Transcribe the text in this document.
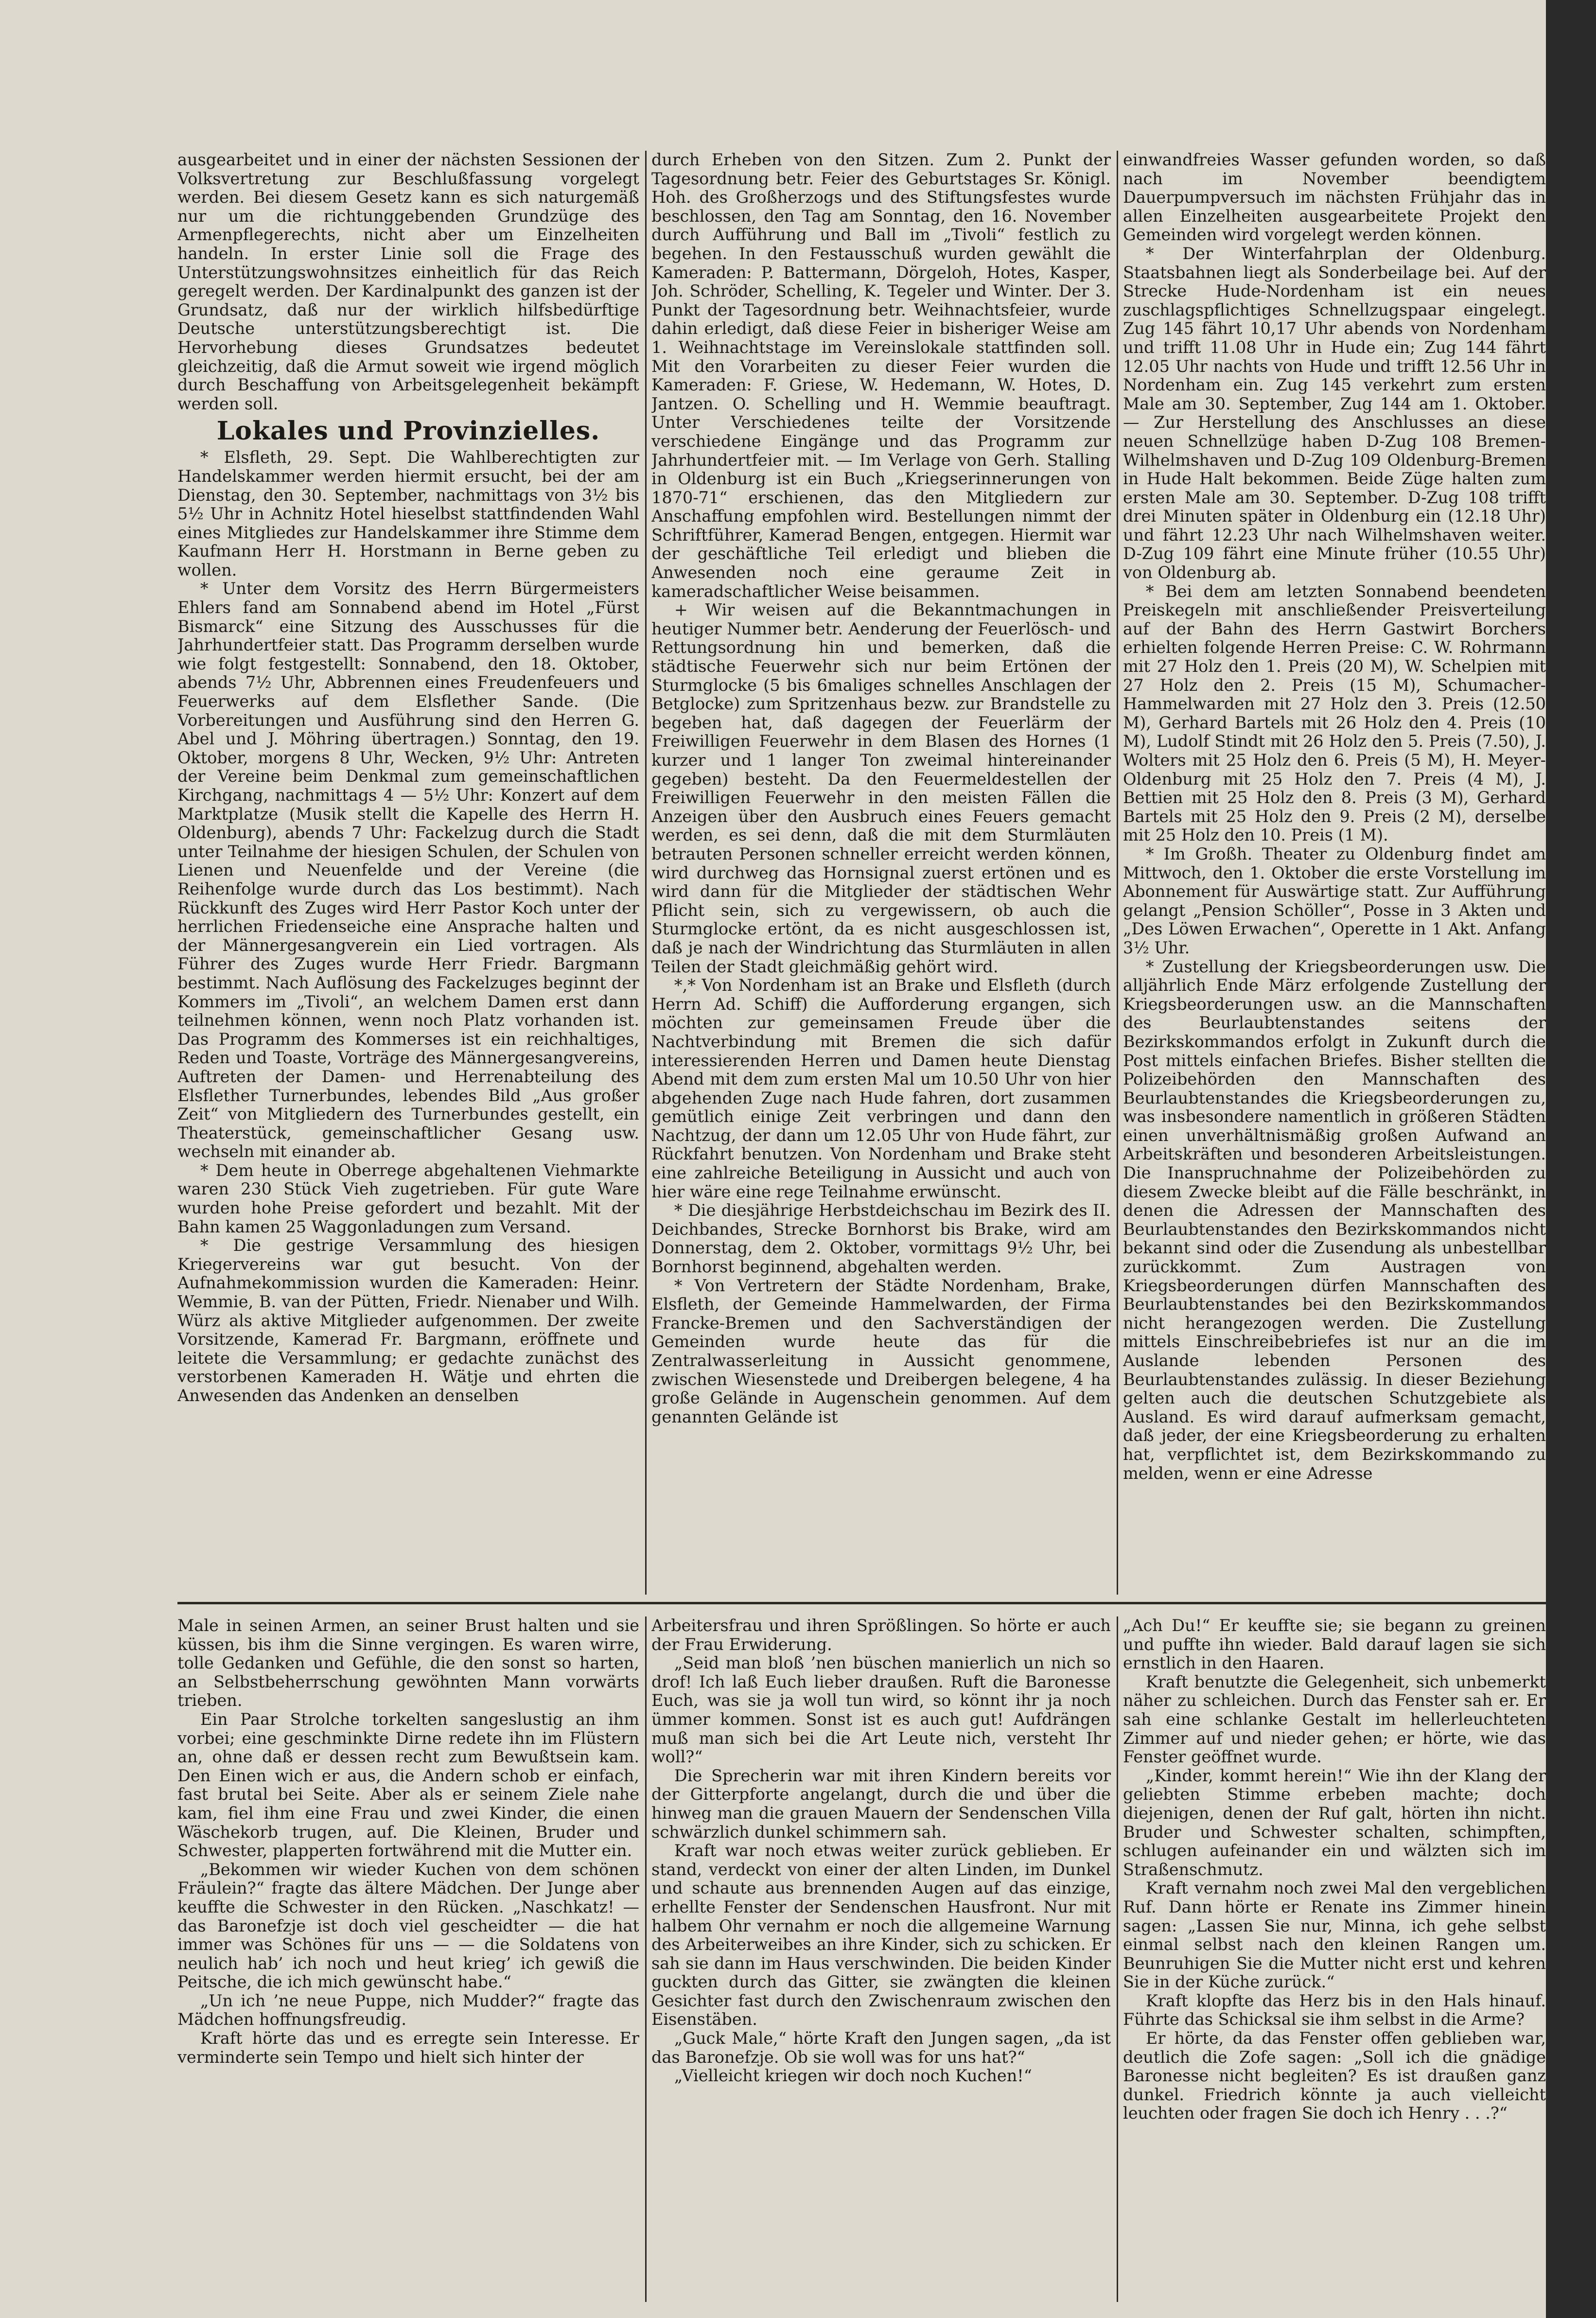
ausgearbeitet und in einer der nächsten Sessionen der Volksvertretung zur Beschlußfassung vorgelegt werden. Bei diesem Gesetz kann es sich naturgemäß nur um die richtunggebenden Grundzüge des Armenpflegerechts, nicht aber um Einzelheiten handeln. In erster Linie soll die Frage des Unterstützungswohnsitzes einheitlich für das Reich geregelt werden. Der Kardinalpunkt des ganzen ist der Grundsatz, daß nur der wirklich hilfsbedürftige Deutsche unterstützungsberechtigt ist. Die Hervorhebung dieses Grundsatzes bedeutet gleichzeitig, daß die Armut soweit wie irgend möglich durch Beschaffung von Arbeitsgelegenheit bekämpft werden soll.

Lokales und Provinzielles.

* Elsfleth, 29. Sept. Die Wahlberechtigten zur Handelskammer werden hiermit ersucht, bei der am Dienstag, den 30. September, nachmittags von 3½ bis 5½ Uhr in Achnitz Hotel hieselbst stattfindenden Wahl eines Mitgliedes zur Handelskammer ihre Stimme dem Kaufmann Herr H. Horstmann in Berne geben zu wollen.

* Unter dem Vorsitz des Herrn Bürgermeisters Ehlers fand am Sonnabend abend im Hotel „Fürst Bismarck“ eine Sitzung des Ausschusses für die Jahrhundertfeier statt. Das Programm derselben wurde wie folgt festgestellt: Sonnabend, den 18. Oktober, abends 7½ Uhr, Abbrennen eines Freudenfeuers und Feuerwerks auf dem Elsflether Sande. (Die Vorbereitungen und Ausführung sind den Herren G. Abel und J. Möhring übertragen.) Sonntag, den 19. Oktober, morgens 8 Uhr, Wecken, 9½ Uhr: Antreten der Vereine beim Denkmal zum gemeinschaftlichen Kirchgang, nachmittags 4 — 5½ Uhr: Konzert auf dem Marktplatze (Musik stellt die Kapelle des Herrn H. Oldenburg), abends 7 Uhr: Fackelzug durch die Stadt unter Teilnahme der hiesigen Schulen, der Schulen von Lienen und Neuenfelde und der Vereine (die Reihenfolge wurde durch das Los bestimmt). Nach Rückkunft des Zuges wird Herr Pastor Koch unter der herrlichen Friedenseiche eine Ansprache halten und der Männergesangverein ein Lied vortragen. Als Führer des Zuges wurde Herr Friedr. Bargmann bestimmt. Nach Auflösung des Fackelzuges beginnt der Kommers im „Tivoli“, an welchem Damen erst dann teilnehmen können, wenn noch Platz vorhanden ist. Das Programm des Kommerses ist ein reichhaltiges, Reden und Toaste, Vorträge des Männergesangvereins, Auftreten der Damen- und Herrenabteilung des Elsflether Turnerbundes, lebendes Bild „Aus großer Zeit“ von Mitgliedern des Turnerbundes gestellt, ein Theaterstück, gemeinschaftlicher Gesang usw. wechseln mit einander ab.

* Dem heute in Oberrege abgehaltenen Viehmarkte waren 230 Stück Vieh zugetrieben. Für gute Ware wurden hohe Preise gefordert und bezahlt. Mit der Bahn kamen 25 Waggonladungen zum Versand.

* Die gestrige Versammlung des hiesigen Kriegervereins war gut besucht. Von der Aufnahmekommission wurden die Kameraden: Heinr. Wemmie, B. van der Pütten, Friedr. Nienaber und Wilh. Würz als aktive Mitglieder aufgenommen. Der zweite Vorsitzende, Kamerad Fr. Bargmann, eröffnete und leitete die Versammlung; er gedachte zunächst des verstorbenen Kameraden H. Wätje und ehrten die Anwesenden das Andenken an denselben

durch Erheben von den Sitzen. Zum 2. Punkt der Tagesordnung betr. Feier des Geburtstages Sr. Königl. Hoh. des Großherzogs und des Stiftungsfestes wurde beschlossen, den Tag am Sonntag, den 16. November durch Aufführung und Ball im „Tivoli“ festlich zu begehen. In den Festausschuß wurden gewählt die Kameraden: P. Battermann, Dörgeloh, Hotes, Kasper, Joh. Schröder, Schelling, K. Tegeler und Winter. Der 3. Punkt der Tagesordnung betr. Weihnachtsfeier, wurde dahin erledigt, daß diese Feier in bisheriger Weise am 1. Weihnachtstage im Vereinslokale stattfinden soll. Mit den Vorarbeiten zu dieser Feier wurden die Kameraden: F. Griese, W. Hedemann, W. Hotes, D. Jantzen. O. Schelling und H. Wemmie beauftragt. Unter Verschiedenes teilte der Vorsitzende verschiedene Eingänge und das Programm zur Jahrhundertfeier mit. — Im Verlage von Gerh. Stalling in Oldenburg ist ein Buch „Kriegserinnerungen von 1870-71“ erschienen, das den Mitgliedern zur Anschaffung empfohlen wird. Bestellungen nimmt der Schriftführer, Kamerad Bengen, entgegen. Hiermit war der geschäftliche Teil erledigt und blieben die Anwesenden noch eine geraume Zeit in kameradschaftlicher Weise beisammen.

+ Wir weisen auf die Bekanntmachungen in heutiger Nummer betr. Aenderung der Feuerlösch- und Rettungsordnung hin und bemerken, daß die städtische Feuerwehr sich nur beim Ertönen der Sturmglocke (5 bis 6maliges schnelles Anschlagen der Betglocke) zum Spritzenhaus bezw. zur Brandstelle zu begeben hat, daß dagegen der Feuerlärm der Freiwilligen Feuerwehr in dem Blasen des Hornes (1 kurzer und 1 langer Ton zweimal hintereinander gegeben) besteht. Da den Feuermeldestellen der Freiwilligen Feuerwehr in den meisten Fällen die Anzeigen über den Ausbruch eines Feuers gemacht werden, es sei denn, daß die mit dem Sturmläuten betrauten Personen schneller erreicht werden können, wird durchweg das Hornsignal zuerst ertönen und es wird dann für die Mitglieder der städtischen Wehr Pflicht sein, sich zu vergewissern, ob auch die Sturmglocke ertönt, da es nicht ausgeschlossen ist, daß je nach der Windrichtung das Sturmläuten in allen Teilen der Stadt gleichmäßig gehört wird.

*,* Von Nordenham ist an Brake und Elsfleth (durch Herrn Ad. Schiff) die Aufforderung ergangen, sich möchten zur gemeinsamen Freude über die Nachtverbindung mit Bremen die sich dafür interessierenden Herren und Damen heute Dienstag Abend mit dem zum ersten Mal um 10.50 Uhr von hier abgehenden Zuge nach Hude fahren, dort zusammen gemütlich einige Zeit verbringen und dann den Nachtzug, der dann um 12.05 Uhr von Hude fährt, zur Rückfahrt benutzen. Von Nordenham und Brake steht eine zahlreiche Beteiligung in Aussicht und auch von hier wäre eine rege Teilnahme erwünscht.

* Die diesjährige Herbstdeichschau im Bezirk des II. Deichbandes, Strecke Bornhorst bis Brake, wird am Donnerstag, dem 2. Oktober, vormittags 9½ Uhr, bei Bornhorst beginnend, abgehalten werden.

* Von Vertretern der Städte Nordenham, Brake, Elsfleth, der Gemeinde Hammelwarden, der Firma Francke-Bremen und den Sachverständigen der Gemeinden wurde heute das für die Zentralwasserleitung in Aussicht genommene, zwischen Wiesenstede und Dreibergen belegene, 4 ha große Gelände in Augenschein genommen. Auf dem genannten Gelände ist

einwandfreies Wasser gefunden worden, so daß nach im November beendigtem Dauerpumpversuch im nächsten Frühjahr das in allen Einzelheiten ausgearbeitete Projekt den Gemeinden wird vorgelegt werden können.

* Der Winterfahrplan der Oldenburg. Staatsbahnen liegt als Sonderbeilage bei. Auf der Strecke Hude-Nordenham ist ein neues zuschlagspflichtiges Schnellzugspaar eingelegt. Zug 145 fährt 10,17 Uhr abends von Nordenham und trifft 11.08 Uhr in Hude ein; Zug 144 fährt 12.05 Uhr nachts von Hude und trifft 12.56 Uhr in Nordenham ein. Zug 145 verkehrt zum ersten Male am 30. September, Zug 144 am 1. Oktober. — Zur Herstellung des Anschlusses an diese neuen Schnellzüge haben D-Zug 108 Bremen-Wilhelmshaven und D-Zug 109 Oldenburg-Bremen in Hude Halt bekommen. Beide Züge halten zum ersten Male am 30. September. D-Zug 108 trifft drei Minuten später in Oldenburg ein (12.18 Uhr) und fährt 12.23 Uhr nach Wilhelmshaven weiter. D-Zug 109 fährt eine Minute früher (10.55 Uhr) von Oldenburg ab.

* Bei dem am letzten Sonnabend beendeten Preiskegeln mit anschließender Preisverteilung auf der Bahn des Herrn Gastwirt Borchers erhielten folgende Herren Preise: C. W. Rohrmann mit 27 Holz den 1. Preis (20 M), W. Schelpien mit 27 Holz den 2. Preis (15 M), Schumacher-Hammelwarden mit 27 Holz den 3. Preis (12.50 M), Gerhard Bartels mit 26 Holz den 4. Preis (10 M), Ludolf Stindt mit 26 Holz den 5. Preis (7.50), J. Wolters mit 25 Holz den 6. Preis (5 M), H. Meyer-Oldenburg mit 25 Holz den 7. Preis (4 M), J. Bettien mit 25 Holz den 8. Preis (3 M), Gerhard Bartels mit 25 Holz den 9. Preis (2 M), derselbe mit 25 Holz den 10. Preis (1 M).

* Im Großh. Theater zu Oldenburg findet am Mittwoch, den 1. Oktober die erste Vorstellung im Abonnement für Auswärtige statt. Zur Aufführung gelangt „Pension Schöller“, Posse in 3 Akten und „Des Löwen Erwachen“, Operette in 1 Akt. Anfang 3½ Uhr.

* Zustellung der Kriegsbeorderungen usw. Die alljährlich Ende März erfolgende Zustellung der Kriegsbeorderungen usw. an die Mannschaften des Beurlaubtenstandes seitens der Bezirkskommandos erfolgt in Zukunft durch die Post mittels einfachen Briefes. Bisher stellten die Polizeibehörden den Mannschaften des Beurlaubtenstandes die Kriegsbeorderungen zu, was insbesondere namentlich in größeren Städten einen unverhältnismäßig großen Aufwand an Arbeitskräften und besonderen Arbeitsleistungen. Die Inanspruchnahme der Polizeibehörden zu diesem Zwecke bleibt auf die Fälle beschränkt, in denen die Adressen der Mannschaften des Beurlaubtenstandes den Bezirkskommandos nicht bekannt sind oder die Zusendung als unbestellbar zurückkommt. Zum Austragen von Kriegsbeorderungen dürfen Mannschaften des Beurlaubtenstandes bei den Bezirkskommandos nicht herangezogen werden. Die Zustellung mittels Einschreibebriefes ist nur an die im Auslande lebenden Personen des Beurlaubtenstandes zulässig. In dieser Beziehung gelten auch die deutschen Schutzgebiete als Ausland. Es wird darauf aufmerksam gemacht, daß jeder, der eine Kriegsbeorderung zu erhalten hat, verpflichtet ist, dem Bezirkskommando zu melden, wenn er eine Adresse

Male in seinen Armen, an seiner Brust halten und sie küssen, bis ihm die Sinne vergingen. Es waren wirre, tolle Gedanken und Gefühle, die den sonst so harten, an Selbstbeherrschung gewöhnten Mann vorwärts trieben.

Ein Paar Strolche torkelten sangeslustig an ihm vorbei; eine geschminkte Dirne redete ihn im Flüstern an, ohne daß er dessen recht zum Bewußtsein kam. Den Einen wich er aus, die Andern schob er einfach, fast brutal bei Seite. Aber als er seinem Ziele nahe kam, fiel ihm eine Frau und zwei Kinder, die einen Wäschekorb trugen, auf. Die Kleinen, Bruder und Schwester, plapperten fortwährend mit die Mutter ein.

„Bekommen wir wieder Kuchen von dem schönen Fräulein?“ fragte das ältere Mädchen. Der Junge aber keuffte die Schwester in den Rücken. „Naschkatz! — das Baronefzje ist doch viel gescheidter — die hat immer was Schönes für uns — — die Soldatens von neulich hab’ ich noch und heut krieg’ ich gewiß die Peitsche, die ich mich gewünscht habe.“

„Un ich ’ne neue Puppe, nich Mudder?“ fragte das Mädchen hoffnungsfreudig.

Kraft hörte das und es erregte sein Interesse. Er verminderte sein Tempo und hielt sich hinter der

Arbeitersfrau und ihren Sprößlingen. So hörte er auch der Frau Erwiderung.

„Seid man bloß ’nen büschen manierlich un nich so drof! Ich laß Euch lieber draußen. Ruft die Baronesse Euch, was sie ja woll tun wird, so könnt ihr ja noch ümmer kommen. Sonst ist es auch gut! Aufdrängen muß man sich bei die Art Leute nich, versteht Ihr woll?“

Die Sprecherin war mit ihren Kindern bereits vor der Gitterpforte angelangt, durch die und über die hinweg man die grauen Mauern der Sendenschen Villa schwärzlich dunkel schimmern sah.

Kraft war noch etwas weiter zurück geblieben. Er stand, verdeckt von einer der alten Linden, im Dunkel und schaute aus brennenden Augen auf das einzige, erhellte Fenster der Sendenschen Hausfront. Nur mit halbem Ohr vernahm er noch die allgemeine Warnung des Arbeiterweibes an ihre Kinder, sich zu schicken. Er sah sie dann im Haus verschwinden. Die beiden Kinder guckten durch das Gitter, sie zwängten die kleinen Gesichter fast durch den Zwischenraum zwischen den Eisenstäben.

„Guck Male,“ hörte Kraft den Jungen sagen, „da ist das Baronefzje. Ob sie woll was for uns hat?“

„Vielleicht kriegen wir doch noch Kuchen!“

„Ach Du!“ Er keuffte sie; sie begann zu greinen und puffte ihn wieder. Bald darauf lagen sie sich ernstlich in den Haaren.

Kraft benutzte die Gelegenheit, sich unbemerkt näher zu schleichen. Durch das Fenster sah er. Er sah eine schlanke Gestalt im hellerleuchteten Zimmer auf und nieder gehen; er hörte, wie das Fenster geöffnet wurde.

„Kinder, kommt herein!“ Wie ihn der Klang der geliebten Stimme erbeben machte; doch diejenigen, denen der Ruf galt, hörten ihn nicht. Bruder und Schwester schalten, schimpften, schlugen aufeinander ein und wälzten sich im Straßenschmutz.

Kraft vernahm noch zwei Mal den vergeblichen Ruf. Dann hörte er Renate ins Zimmer hinein sagen: „Lassen Sie nur, Minna, ich gehe selbst einmal selbst nach den kleinen Rangen um. Beunruhigen Sie die Mutter nicht erst und kehren Sie in der Küche zurück.“

Kraft klopfte das Herz bis in den Hals hinauf. Führte das Schicksal sie ihm selbst in die Arme?

Er hörte, da das Fenster offen geblieben war, deutlich die Zofe sagen: „Soll ich die gnädige Baronesse nicht begleiten? Es ist draußen ganz dunkel. Friedrich könnte ja auch vielleicht leuchten oder fragen Sie doch ich Henry . . .?“
